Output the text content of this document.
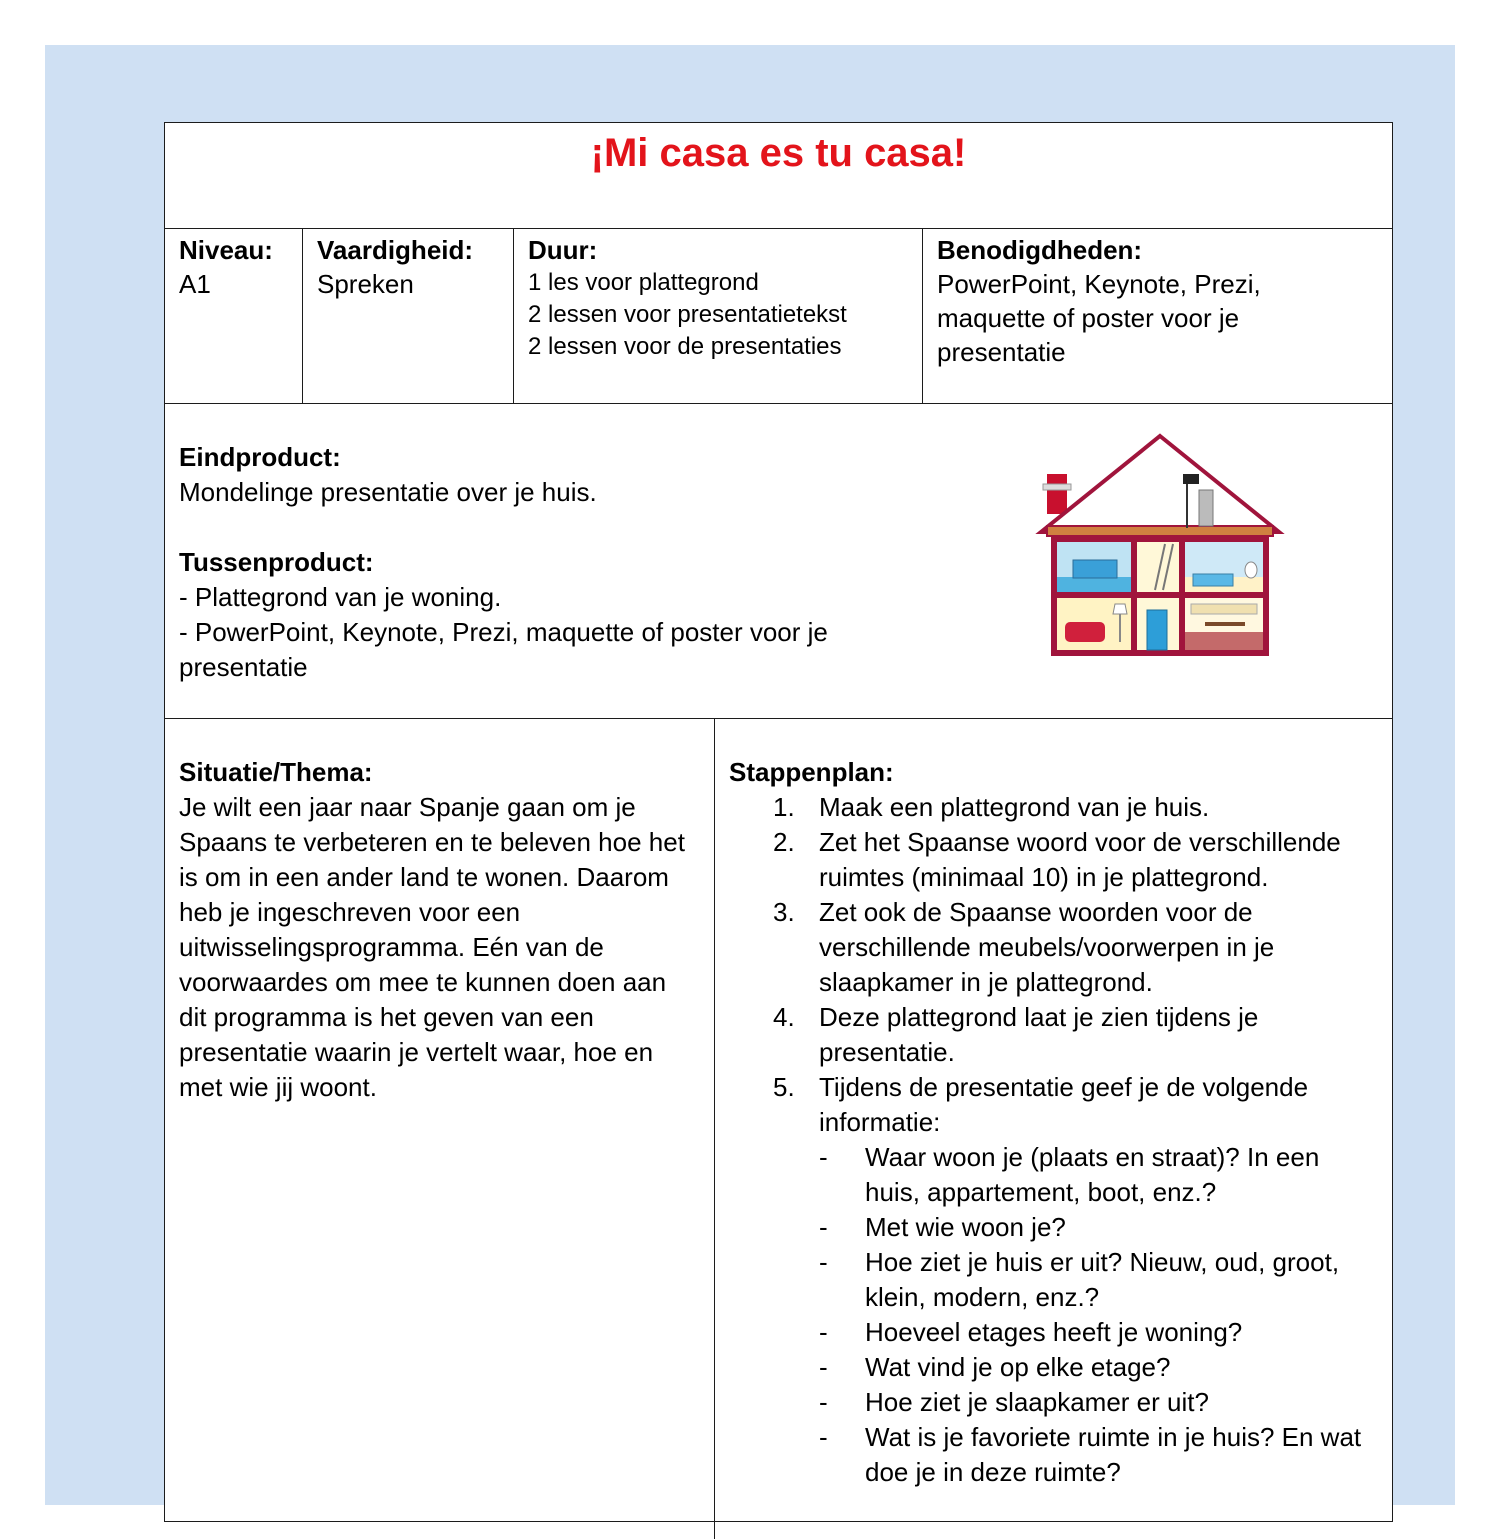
¡Mi casa es tu casa!
Niveau:
A1
Vaardigheid:
Spreken
Duur:
1 les voor plattegrond
2 lessen voor presentatietekst
2 lessen voor de presentaties
Benodigdheden:
PowerPoint, Keynote, Prezi, maquette of poster voor je presentatie
Eindproduct:
Mondelinge presentatie over je huis.
Tussenproduct:
- Plattegrond van je woning.
- PowerPoint, Keynote, Prezi, maquette of poster voor je presentatie
Situatie/Thema:
Je wilt een jaar naar Spanje gaan om je Spaans te verbeteren en te beleven hoe het is om in een ander land te wonen. Daarom heb je ingeschreven voor een uitwisselingsprogramma. Eén van de voorwaardes om mee te kunnen doen aan dit programma is het geven van een presentatie waarin je vertelt waar, hoe en met wie jij woont.
Stappenplan:
1. Maak een plattegrond van je huis.
2. Zet het Spaanse woord voor de verschillende ruimtes (minimaal 10) in je plattegrond.
3. Zet ook de Spaanse woorden voor de verschillende meubels/voorwerpen in je slaapkamer in je plattegrond.
4. Deze plattegrond laat je zien tijdens je presentatie.
5. Tijdens de presentatie geef je de volgende informatie:
- Waar woon je (plaats en straat)? In een huis, appartement, boot, enz.?
- Met wie woon je?
- Hoe ziet je huis er uit? Nieuw, oud, groot, klein, modern, enz.?
- Hoeveel etages heeft je woning?
- Wat vind je op elke etage?
- Hoe ziet je slaapkamer er uit?
- Wat is je favoriete ruimte in je huis? En wat doe je in deze ruimte?
